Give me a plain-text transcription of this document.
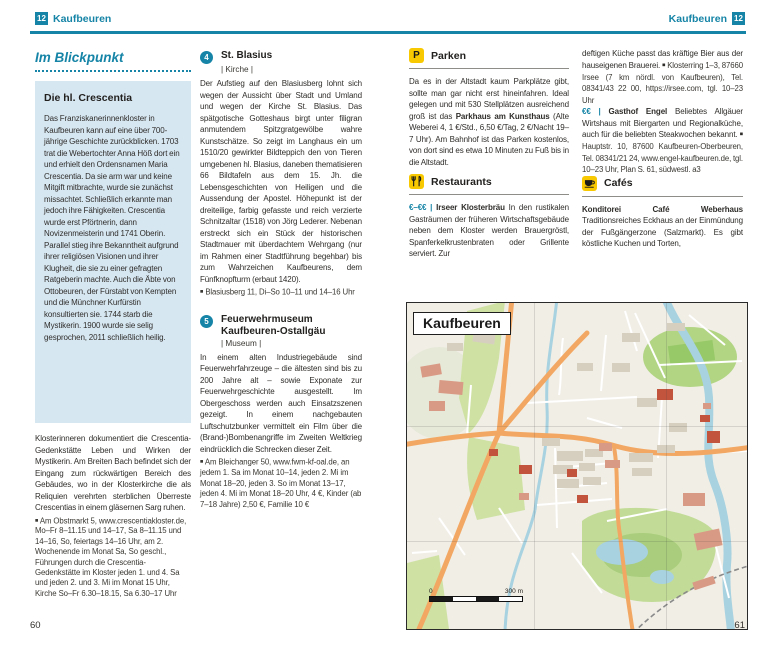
12 Kaufbeuren	Kaufbeuren 12
Im Blickpunkt
Die hl. Crescentia

Das Franziskanerinnenkloster in Kaufbeuren kann auf eine über 700-jährige Geschichte zurückblicken. 1703 trat die Webertochter Anna Höß dort ein und erhielt den Ordensnamen Maria Crescentia. Da sie arm war und keine Mitgift mitbrachte, wurde sie zunächst missachtet. Schließlich erkannte man jedoch ihre Fähigkeiten. Crescentia wurde erst Pförtnerin, dann Novizenmeisterin und 1741 Oberin. Parallel stieg ihre Bekanntheit aufgrund ihrer religiösen Visionen und ihrer Klugheit, die sie zu einer gefragten Ratgeberin machte. Auch die Äbte von Ottobeuren, der Fürstabt von Kempten und die Münchner Kurfürstin konsultierten sie. 1744 starb die Mystikerin. 1900 wurde sie selig gesprochen, 2011 schließlich heilig.

Klosterinneren dokumentiert die Crescentia-Gedenkstätte Leben und Wirken der Mystikerin. Am Breiten Bach befindet sich der Eingang zum rückwärtigen Bereich des Gebäudes, wo in der Klosterkirche die als Reliquien verehrten sterblichen Überreste Crescentias in einem gläsernen Sarg ruhen.

■ Am Obstmarkt 5, www.crescentiakloster.de, Mo–Fr 8–11.15 und 14–17, Sa 8–11.15 und 14–16, So, feiertags 14–16 Uhr, am 2. Wochenende im Monat Sa, So geschl., Führungen durch die Crescentia-Gedenkstätte im Kloster jeden 1. und 4. Sa und jeden 2. und 3. Mi im Monat 15 Uhr, Kirche So–Fr 6.30–18.15, Sa 6.30–17 Uhr

4	St. Blasius
| Kirche |

Der Aufstieg auf den Blasiusberg lohnt sich wegen der Aussicht über Stadt und Umland und wegen der Kirche St. Blasius. Das spätgotische Gotteshaus birgt unter filigran anmutendem Spitzgratgewölbe wahre Kunstschätze. So zeigt im Langhaus ein um 1510/20 gewirkter Bildteppich den von Tieren umgebenen hl. Blasius, daneben thematisieren 66 Bildtafeln aus dem 15. Jh. die Lebensgeschichten von Heiligen und die Aussendung der Apostel. Höhepunkt ist der dreiteilige, farbig gefasste und reich verzierte Schnitzaltar (1518) von Jörg Lederer. Nebenan erstreckt sich ein Stück der historischen Stadtmauer mit überdachtem Wehrgang (nur im Rahmen einer Stadtführung begehbar) bis zum Wahrzeichen Kaufbeurens, dem Fünfknopfturm (erbaut 1420).

■ Blasiusberg 11, Di–So 10–11 und 14–16 Uhr

5	Feuerwehrmuseum Kaufbeuren-Ostallgäu
| Museum |

In einem alten Industriegebäude sind Feuerwehrfahrzeuge – die ältesten sind bis zu 200 Jahre alt – sowie Exponate zur Feuerwehrgeschichte ausgestellt. Im Obergeschoss werden auch Einsatzszenen gezeigt. In einem nachgebauten Luftschutzbunker vermittelt ein Film über die (Brand-)Bombenangriffe im Zweiten Weltkrieg eindrücklich die Schrecken dieser Zeit.

■ Am Bleichanger 50, www.fwm-kf-oal.de, an jedem 1. Sa im Monat 10–14, jeden 2. Mi im Monat 18–20, jeden 3. So im Monat 13–17, jeden 4. Mi im Monat 18–20 Uhr, 4 €, Kinder (ab 7–18 Jahre) 2,50 €, Familie 10 €

P	Parken

Da es in der Altstadt kaum Parkplätze gibt, sollte man gar nicht erst hineinfahren. Ideal gelegen und mit 530 Stellplätzen ausreichend groß ist das Parkhaus am Kunsthaus (Alte Weberei 4, 1 €/Std., 6,50 €/Tag, 2 €/Nacht 19–7 Uhr). Am Bahnhof ist das Parken kostenlos, von dort sind es etwa 10 Minuten zu Fuß bis in die Altstadt.

Restaurants

€–€€ | Irseer Klosterbräu In den rustikalen Gasträumen der früheren Wirtschaftsgebäude neben dem Kloster werden Brauergröstl, Spanferkelkrustenbraten oder Grillente serviert. Zur

deftigen Küche passt das kräftige Bier aus der hauseigenen Brauerei. ■ Klosterring 1–3, 87660 Irsee (7 km nördl. von Kaufbeuren), Tel. 08341/43 22 00, https://irsee.com, tgl. 10–23 Uhr

€€ | Gasthof Engel Beliebtes Allgäuer Wirtshaus mit Biergarten und Regionalküche, auch für die beliebten Steakwochen bekannt. ■ Hauptstr. 10, 87600 Kaufbeuren-Oberbeuren, Tel. 08341/21 24, www.engel-kaufbeuren.de, tgl. 10–23 Uhr, Plan S. 61, südwestl. a3

Cafés

Konditorei Café Weberhaus Traditionsreiches Eckhaus an der Einmündung der Fußgängerzone (Salzmarkt). Es gibt köstliche Kuchen und Torten,

Kaufbeuren
0	300 m
60	61
